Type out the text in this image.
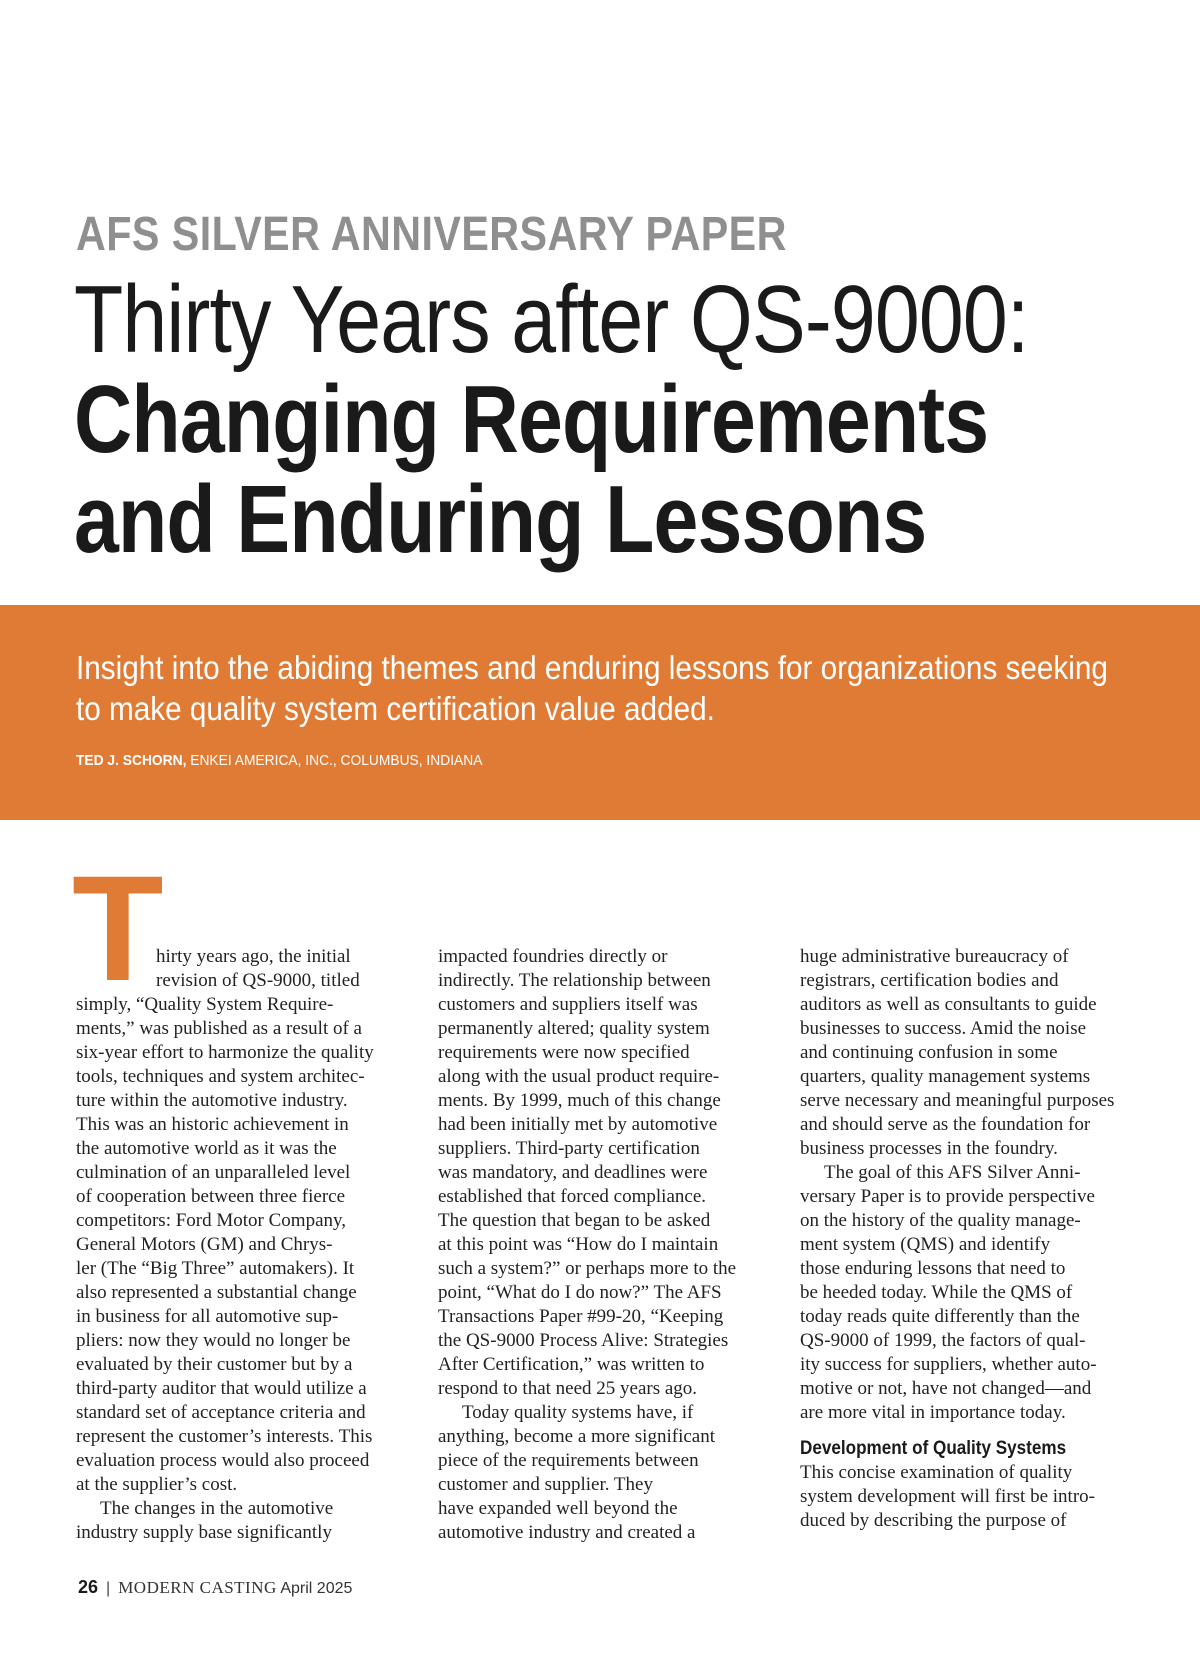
AFS SILVER ANNIVERSARY PAPER
Thirty Years after QS-9000:
Changing Requirements
and Enduring Lessons
Insight into the abiding themes and enduring lessons for organizations seeking
to make quality system certification value added.
TED J. SCHORN, ENKEI AMERICA, INC., COLUMBUS, INDIANA
T
hirty years ago, the initial
revision of QS-9000, titled
simply, “Quality System Require-
ments,” was published as a result of a
six-year effort to harmonize the quality
tools, techniques and system architec-
ture within the automotive industry.
This was an historic achievement in
the automotive world as it was the
culmination of an unparalleled level
of cooperation between three fierce
competitors: Ford Motor Company,
General Motors (GM) and Chrys-
ler (The “Big Three” automakers). It
also represented a substantial change
in business for all automotive sup-
pliers: now they would no longer be
evaluated by their customer but by a
third-party auditor that would utilize a
standard set of acceptance criteria and
represent the customer’s interests. This
evaluation process would also proceed
at the supplier’s cost.
The changes in the automotive
industry supply base significantly
impacted foundries directly or
indirectly. The relationship between
customers and suppliers itself was
permanently altered; quality system
requirements were now specified
along with the usual product require-
ments. By 1999, much of this change
had been initially met by automotive
suppliers. Third-party certification
was mandatory, and deadlines were
established that forced compliance.
The question that began to be asked
at this point was “How do I maintain
such a system?” or perhaps more to the
point, “What do I do now?” The AFS
Transactions Paper #99-20, “Keeping
the QS-9000 Process Alive: Strategies
After Certification,” was written to
respond to that need 25 years ago.
Today quality systems have, if
anything, become a more significant
piece of the requirements between
customer and supplier. They
have expanded well beyond the
automotive industry and created a
huge administrative bureaucracy of
registrars, certification bodies and
auditors as well as consultants to guide
businesses to success. Amid the noise
and continuing confusion in some
quarters, quality management systems
serve necessary and meaningful purposes
and should serve as the foundation for
business processes in the foundry.
The goal of this AFS Silver Anni-
versary Paper is to provide perspective
on the history of the quality manage-
ment system (QMS) and identify
those enduring lessons that need to
be heeded today. While the QMS of
today reads quite differently than the
QS-9000 of 1999, the factors of qual-
ity success for suppliers, whether auto-
motive or not, have not changed—and
are more vital in importance today.
Development of Quality Systems
This concise examination of quality
system development will first be intro-
duced by describing the purpose of
26 | MODERN CASTING April 2025
